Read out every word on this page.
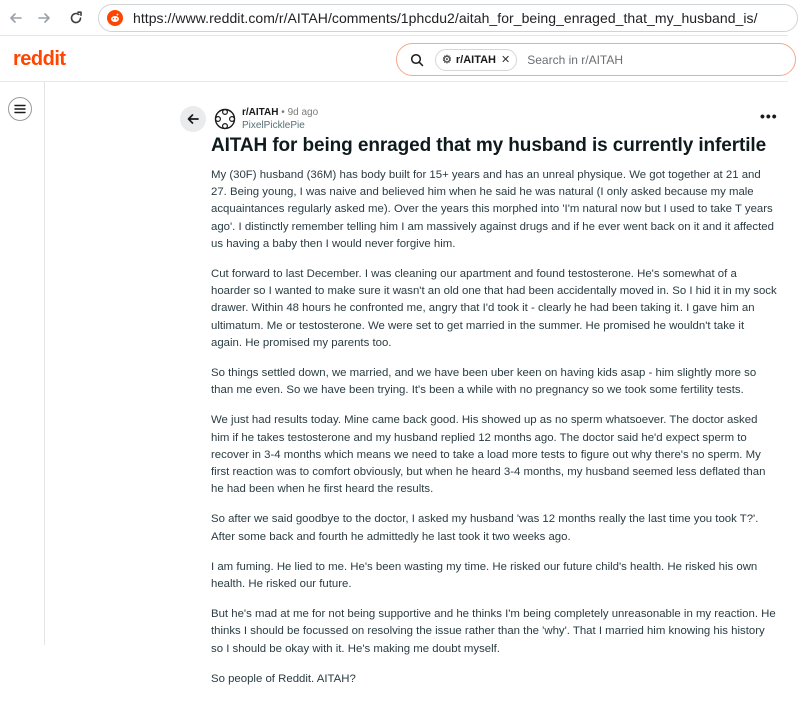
https://www.reddit.com/r/AITAH/comments/1phcdu2/aitah_for_being_enraged_that_my_husband_is/
reddit	⚙ r/AITAH ✕ Search in r/AITAH
r/AITAH • 9d ago
PixelPicklePie
•••
AITAH for being enraged that my husband is currently infertile

My (30F) husband (36M) has body built for 15+ years and has an unreal physique. We got together at 21 and 27. Being young, I was naive and believed him when he said he was natural (I only asked because my male acquaintances regularly asked me). Over the years this morphed into 'I'm natural now but I used to take T years ago'. I distinctly remember telling him I am massively against drugs and if he ever went back on it and it affected us having a baby then I would never forgive him.

Cut forward to last December. I was cleaning our apartment and found testosterone. He's somewhat of a hoarder so I wanted to make sure it wasn't an old one that had been accidentally moved in. So I hid it in my sock drawer. Within 48 hours he confronted me, angry that I'd took it - clearly he had been taking it. I gave him an ultimatum. Me or testosterone. We were set to get married in the summer. He promised he wouldn't take it again. He promised my parents too.

So things settled down, we married, and we have been uber keen on having kids asap - him slightly more so than me even. So we have been trying. It's been a while with no pregnancy so we took some fertility tests.

We just had results today. Mine came back good. His showed up as no sperm whatsoever. The doctor asked him if he takes testosterone and my husband replied 12 months ago. The doctor said he'd expect sperm to recover in 3-4 months which means we need to take a load more tests to figure out why there's no sperm. My first reaction was to comfort obviously, but when he heard 3-4 months, my husband seemed less deflated than he had been when he first heard the results.

So after we said goodbye to the doctor, I asked my husband 'was 12 months really the last time you took T?'. After some back and fourth he admittedly he last took it two weeks ago.

I am fuming. He lied to me. He's been wasting my time. He risked our future child's health. He risked his own health. He risked our future.

But he's mad at me for not being supportive and he thinks I'm being completely unreasonable in my reaction. He thinks I should be focussed on resolving the issue rather than the 'why'. That I married him knowing his history so I should be okay with it. He's making me doubt myself.

So people of Reddit. AITAH?
